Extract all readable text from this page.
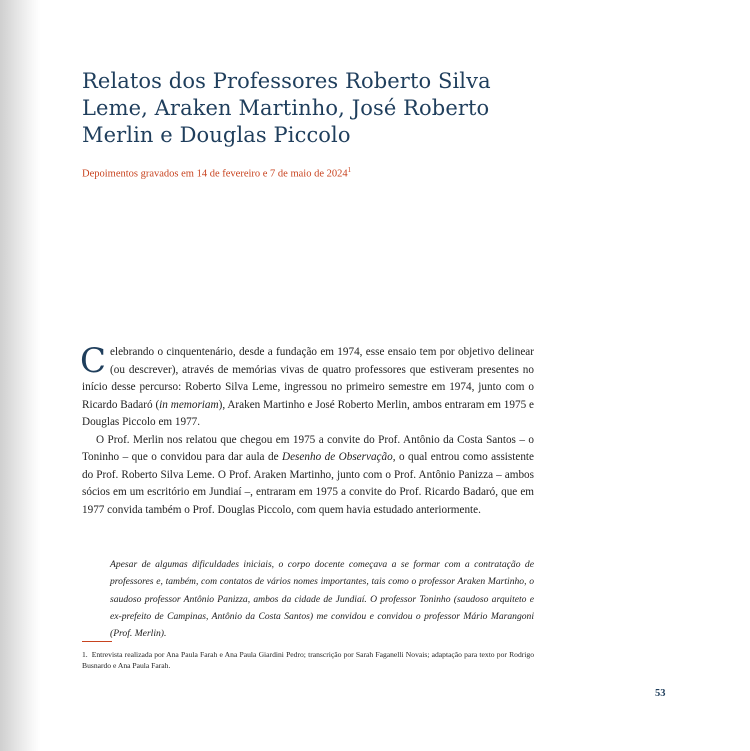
Relatos dos Professores Roberto Silva Leme, Araken Martinho, José Roberto Merlin e Douglas Piccolo

Depoimentos gravados em 14 de fevereiro e 7 de maio de 2024$^1$

Celebrando o cinquentenário, desde a fundação em 1974, esse ensaio tem por objetivo delinear (ou descrever), através de memórias vivas de quatro professores que estiveram presentes no início desse percurso: Roberto Silva Leme, ingressou no primeiro semestre em 1974, junto com o Ricardo Badaró (in memoriam), Araken Martinho e José Roberto Merlin, ambos entraram em 1975 e Douglas Piccolo em 1977.

O Prof. Merlin nos relatou que chegou em 1975 a convite do Prof. Antônio da Costa Santos – o Toninho – que o convidou para dar aula de Desenho de Observação, o qual entrou como assistente do Prof. Roberto Silva Leme. O Prof. Araken Martinho, junto com o Prof. Antônio Panizza – ambos sócios em um escritório em Jundiaí –, entraram em 1975 a convite do Prof. Ricardo Badaró, que em 1977 convida também o Prof. Douglas Piccolo, com quem havia estudado anteriormente.

Apesar de algumas dificuldades iniciais, o corpo docente começava a se formar com a contratação de professores e, também, com contatos de vários nomes importantes, tais como o professor Araken Martinho, o saudoso professor Antônio Panizza, ambos da cidade de Jundiaí. O professor Toninho (saudoso arquiteto e ex-prefeito de Campinas, Antônio da Costa Santos) me convidou e convidou o professor Mário Marangoni (Prof. Merlin).

1. Entrevista realizada por Ana Paula Farah e Ana Paula Giardini Pedro; transcrição por Sarah Faganelli Novais; adaptação para texto por Rodrigo Busnardo e Ana Paula Farah.

53
